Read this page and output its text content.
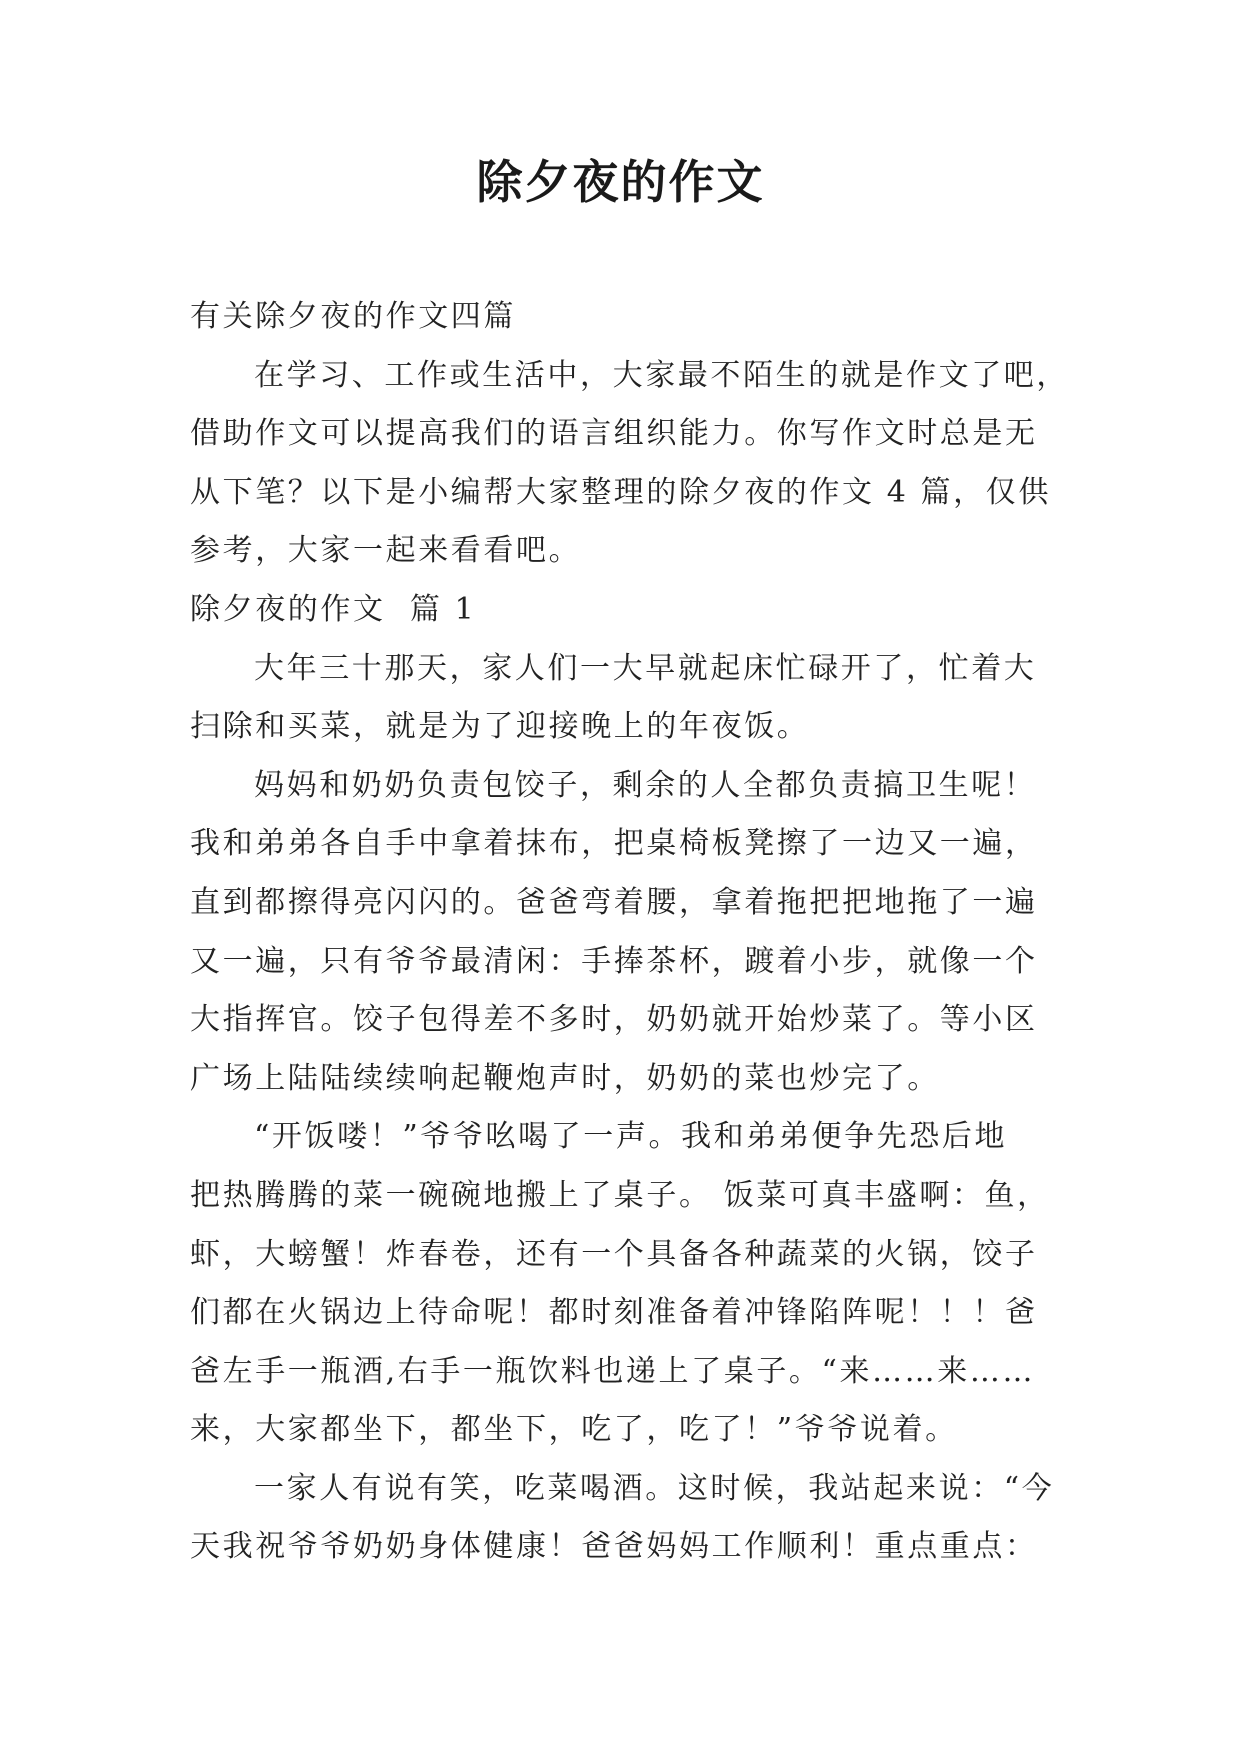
除夕夜的作文

有关除夕夜的作文四篇

在学习、工作或生活中，大家最不陌生的就是作文了吧，
借助作文可以提高我们的语言组织能力。你写作文时总是无
从下笔？以下是小编帮大家整理的除夕夜的作文 4 篇，仅供
参考，大家一起来看看吧。

除夕夜的作文  篇 1

大年三十那天，家人们一大早就起床忙碌开了，忙着大
扫除和买菜，就是为了迎接晚上的年夜饭。

妈妈和奶奶负责包饺子，剩余的人全都负责搞卫生呢！
我和弟弟各自手中拿着抹布，把桌椅板凳擦了一边又一遍，
直到都擦得亮闪闪的。爸爸弯着腰，拿着拖把把地拖了一遍
又一遍，只有爷爷最清闲：手捧茶杯，踱着小步，就像一个
大指挥官。饺子包得差不多时，奶奶就开始炒菜了。等小区
广场上陆陆续续响起鞭炮声时，奶奶的菜也炒完了。

“开饭喽！”爷爷吆喝了一声。我和弟弟便争先恐后地
把热腾腾的菜一碗碗地搬上了桌子。 饭菜可真丰盛啊：鱼，
虾，大螃蟹！炸春卷，还有一个具备各种蔬菜的火锅，饺子
们都在火锅边上待命呢！都时刻准备着冲锋陷阵呢！！！爸
爸左手一瓶酒,右手一瓶饮料也递上了桌子。“来……来……
来，大家都坐下，都坐下，吃了，吃了！”爷爷说着。

一家人有说有笑，吃菜喝酒。这时候，我站起来说：“今
天我祝爷爷奶奶身体健康！爸爸妈妈工作顺利！重点重点：
